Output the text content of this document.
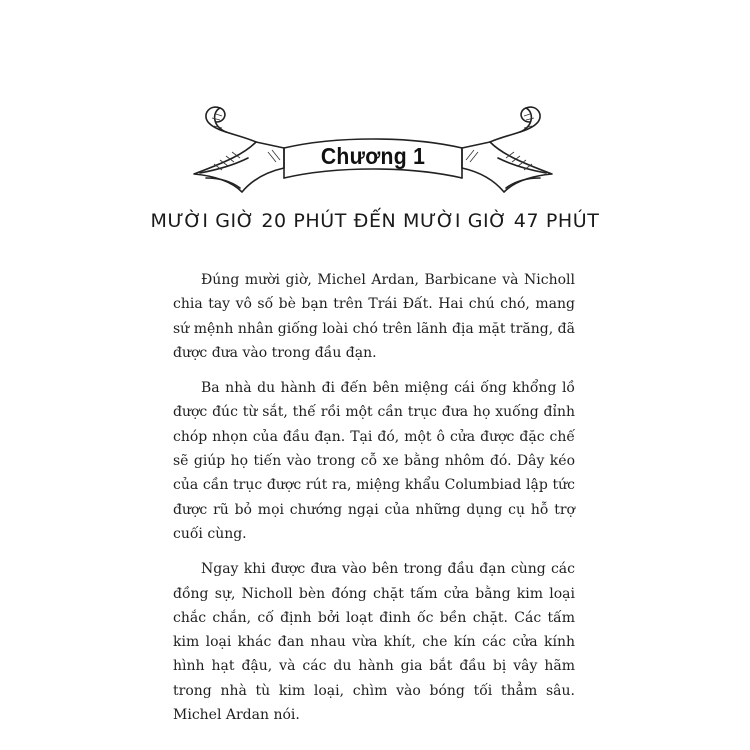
Chương 1
MƯỜI GIỜ 20 PHÚT ĐẾN MƯỜI GIỜ 47 PHÚT

Đúng mười giờ, Michel Ardan, Barbicane và Nicholl chia tay vô số bè bạn trên Trái Đất. Hai chú chó, mang sứ mệnh nhân giống loài chó trên lãnh địa mặt trăng, đã được đưa vào trong đầu đạn.

Ba nhà du hành đi đến bên miệng cái ống khổng lồ được đúc từ sắt, thế rồi một cần trục đưa họ xuống đỉnh chóp nhọn của đầu đạn. Tại đó, một ô cửa được đặc chế sẽ giúp họ tiến vào trong cỗ xe bằng nhôm đó. Dây kéo của cần trục được rút ra, miệng khẩu Columbiad lập tức được rũ bỏ mọi chướng ngại của những dụng cụ hỗ trợ cuối cùng.

Ngay khi được đưa vào bên trong đầu đạn cùng các đồng sự, Nicholl bèn đóng chặt tấm cửa bằng kim loại chắc chắn, cố định bởi loạt đinh ốc bền chặt. Các tấm kim loại khác đan nhau vừa khít, che kín các cửa kính hình hạt đậu, và các du hành gia bắt đầu bị vây hãm trong nhà tù kim loại, chìm vào bóng tối thẳm sâu. Michel Ardan nói.
